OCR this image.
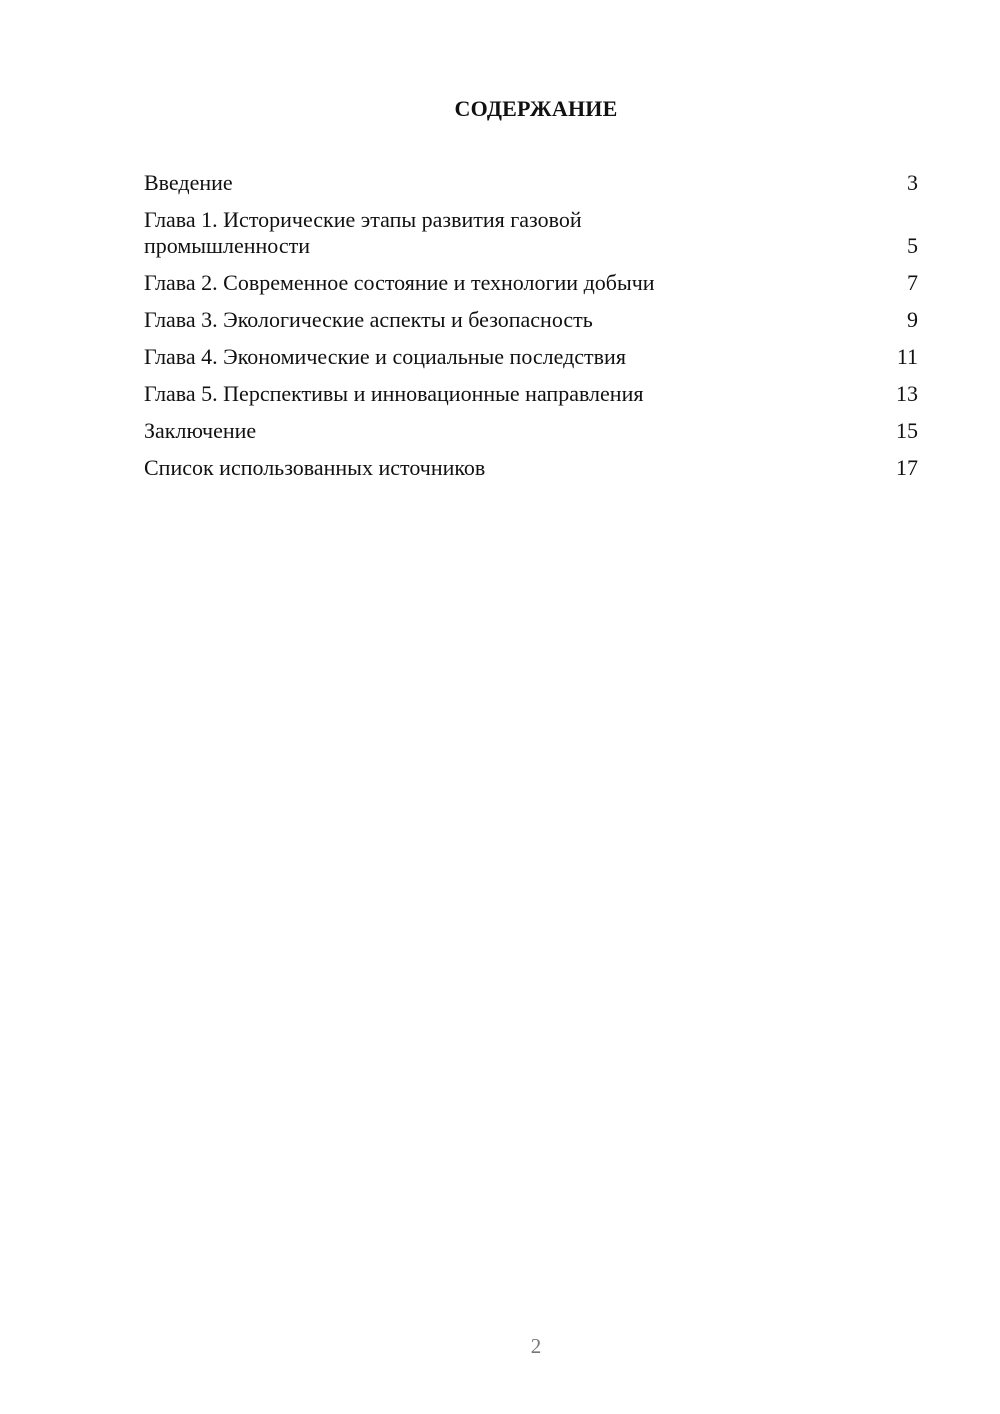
СОДЕРЖАНИЕ
Введение	3
Глава 1. Исторические этапы развития газовой промышленности	5
Глава 2. Современное состояние и технологии добычи	7
Глава 3. Экологические аспекты и безопасность	9
Глава 4. Экономические и социальные последствия	11
Глава 5. Перспективы и инновационные направления	13
Заключение	15
Список использованных источников	17
2
